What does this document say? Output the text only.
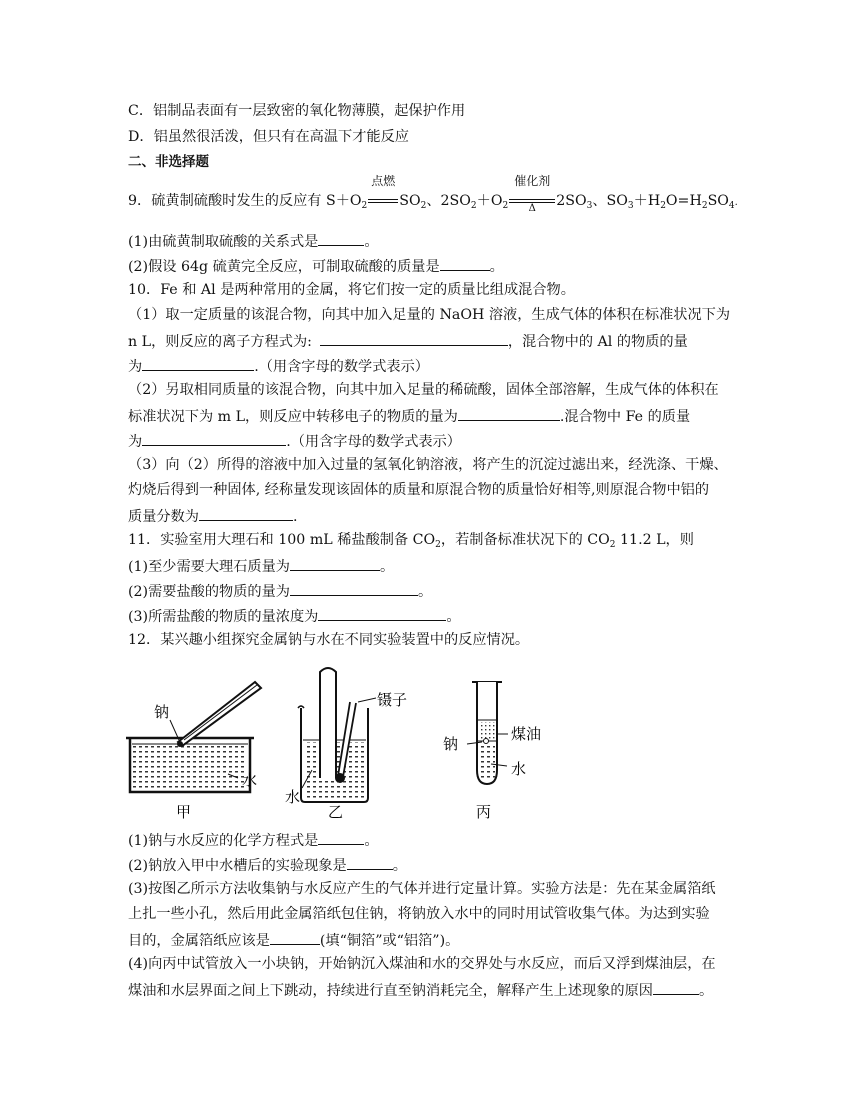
C．铝制品表面有一层致密的氧化物薄膜，起保护作用
D．铝虽然很活泼，但只有在高温下才能反应
二、非选择题
9．硫黄制硫酸时发生的反应有 $S+O_2$
点燃
$SO_2$、$2SO_2+O_2$
催化剂
Δ	$2SO_3$、$SO_3+H_2O=H_2SO_4$.
(1)由硫黄制取硫酸的关系式是	。
(2)假设 64g 硫黄完全反应，可制取硫酸的质量是	。
10．Fe 和 Al 是两种常用的金属，将它们按一定的质量比组成混合物。
（1）取一定质量的该混合物，向其中加入足量的 NaOH 溶液，生成气体的体积在标准状况下为
n L，则反应的离子方程式为:	，混合物中的 Al 的物质的量
为	.（用含字母的数学式表示）
（2）另取相同质量的该混合物，向其中加入足量的稀硫酸，固体全部溶解，生成气体的体积在
标准状况下为 m L，则反应中转移电子的物质的量为	.混合物中 Fe 的质量
为	.（用含字母的数学式表示）
（3）向（2）所得的溶液中加入过量的氢氧化钠溶液，将产生的沉淀过滤出来，经洗涤、干燥、
灼烧后得到一种固体, 经称量发现该固体的质量和原混合物的质量恰好相等,则原混合物中铝的
质量分数为	.
11．实验室用大理石和 100 mL 稀盐酸制备 $CO_2$，若制备标准状况下的 $CO_2$ 11.2 L，则
(1)至少需要大理石质量为	。
(2)需要盐酸的物质的量为	。
(3)所需盐酸的物质的量浓度为	。
12．某兴趣小组探究金属钠与水在不同实验装置中的反应情况。
钠
水
甲
镊子
水
乙
钠
煤油
水
丙
(1)钠与水反应的化学方程式是	。
(2)钠放入甲中水槽后的实验现象是	。
(3)按图乙所示方法收集钠与水反应产生的气体并进行定量计算。实验方法是：先在某金属箔纸
上扎一些小孔，然后用此金属箔纸包住钠，将钠放入水中的同时用试管收集气体。为达到实验
目的，金属箔纸应该是	(填“铜箔”或“铝箔”)。
(4)向丙中试管放入一小块钠，开始钠沉入煤油和水的交界处与水反应，而后又浮到煤油层，在
煤油和水层界面之间上下跳动，持续进行直至钠消耗完全，解释产生上述现象的原因	。
